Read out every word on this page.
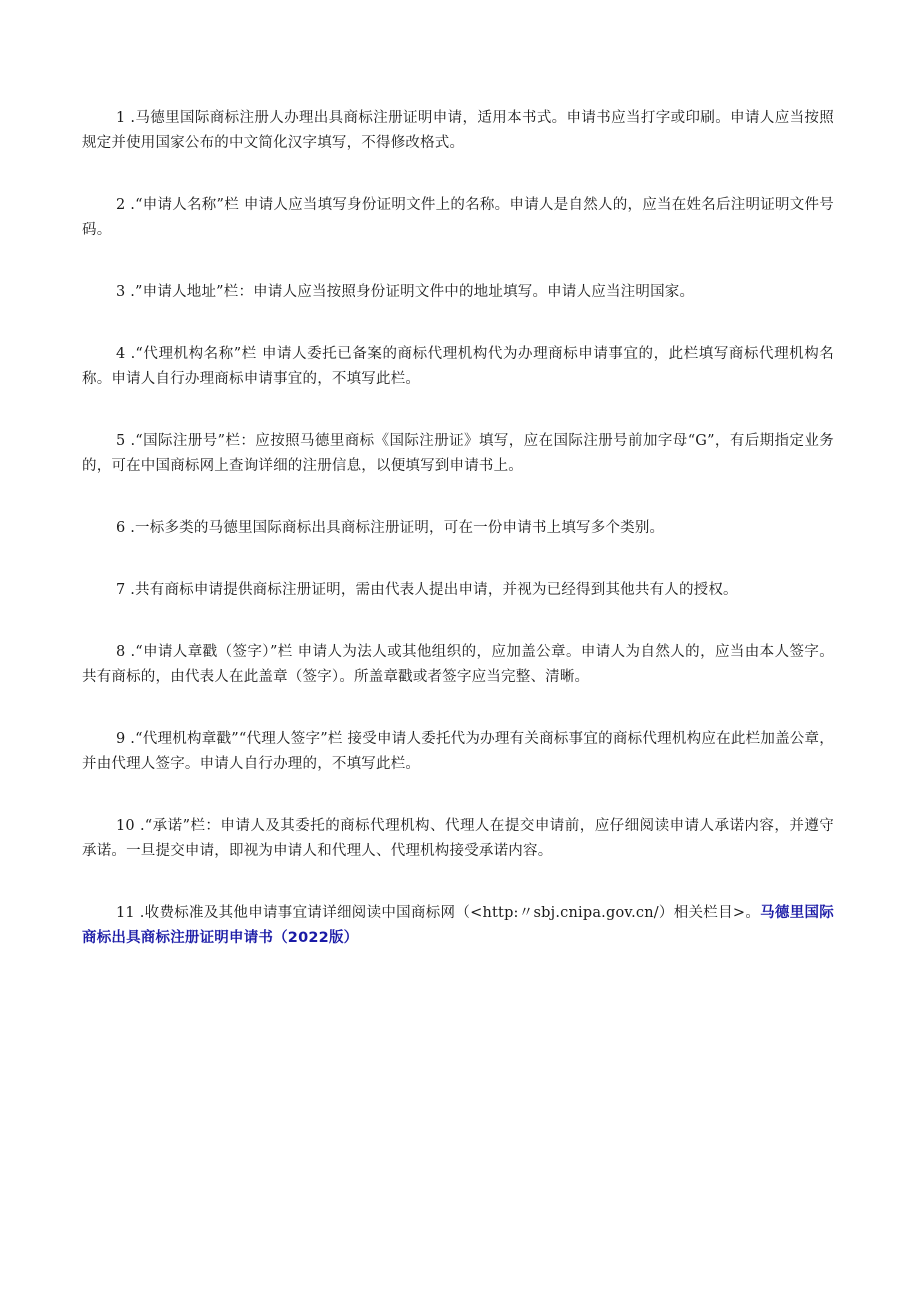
1 .马德里国际商标注册人办理出具商标注册证明申请，适用本书式。申请书应当打字或印刷。申请人应当按照规定并使用国家公布的中文简化汉字填写，不得修改格式。

2 .“申请人名称”栏 申请人应当填写身份证明文件上的名称。申请人是自然人的，应当在姓名后注明证明文件号码。

3 .”申请人地址”栏：申请人应当按照身份证明文件中的地址填写。申请人应当注明国家。

4 .“代理机构名称”栏 申请人委托已备案的商标代理机构代为办理商标申请事宜的，此栏填写商标代理机构名称。申请人自行办理商标申请事宜的，不填写此栏。

5 .“国际注册号”栏：应按照马德里商标《国际注册证》填写，应在国际注册号前加字母“G”，有后期指定业务的，可在中国商标网上查询详细的注册信息，以便填写到申请书上。

6 .一标多类的马德里国际商标出具商标注册证明，可在一份申请书上填写多个类别。

7 .共有商标申请提供商标注册证明，需由代表人提出申请，并视为已经得到其他共有人的授权。

8 .“申请人章戳（签字）”栏 申请人为法人或其他组织的，应加盖公章。申请人为自然人的，应当由本人签字。共有商标的，由代表人在此盖章（签字）。所盖章戳或者签字应当完整、清晰。

9 .“代理机构章戳”“代理人签字”栏 接受申请人委托代为办理有关商标事宜的商标代理机构应在此栏加盖公章，并由代理人签字。申请人自行办理的，不填写此栏。

10 .“承诺”栏：申请人及其委托的商标代理机构、代理人在提交申请前，应仔细阅读申请人承诺内容，并遵守承诺。一旦提交申请，即视为申请人和代理人、代理机构接受承诺内容。

11 .收费标准及其他申请事宜请详细阅读中国商标网（<http:〃sbj.cnipa.gov.cn/）相关栏目>。马德里国际商标出具商标注册证明申请书（2022版）
